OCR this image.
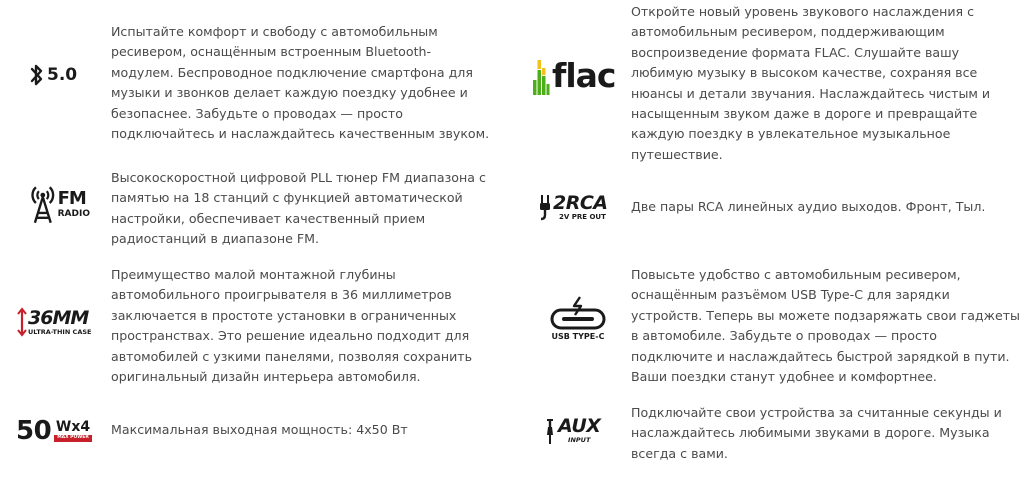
5.0
Испытайте комфорт и свободу с автомобильным
ресивером, оснащённым встроенным Bluetooth-
модулем. Беспроводное подключение смартфона для
музыки и звонков делает каждую поездку удобнее и
безопаснее. Забудьте о проводах — просто
подключайтесь и наслаждайтесь качественным звуком.
flac
Откройте новый уровень звукового наслаждения с
автомобильным ресивером, поддерживающим
воспроизведение формата FLAC. Слушайте вашу
любимую музыку в высоком качестве, сохраняя все
нюансы и детали звучания. Наслаждайтесь чистым и
насыщенным звуком даже в дороге и превращайте
каждую поездку в увлекательное музыкальное
путешествие.
FM
RADIO
Высокоскоростной цифровой PLL тюнер FM диапазона с
памятью на 18 станций с функцией автоматической
настройки, обеспечивает качественный прием
радиостанций в диапазоне FM.
2RCA
2V PRE OUT
Две пары RCA линейных аудио выходов. Фронт, Тыл.
36MM
ULTRA-THIN CASE
Преимущество малой монтажной глубины
автомобильного проигрывателя в 36 миллиметров
заключается в простоте установки в ограниченных
пространствах. Это решение идеально подходит для
автомобилей с узкими панелями, позволяя сохранить
оригинальный дизайн интерьера автомобиля.
USB TYPE-C
Повысьте удобство с автомобильным ресивером,
оснащённым разъёмом USB Type-C для зарядки
устройств. Теперь вы можете подзаряжать свои гаджеты
в автомобиле. Забудьте о проводах — просто
подключите и наслаждайтесь быстрой зарядкой в пути.
Ваши поездки станут удобнее и комфортнее.
50 Wx4
MAX POWER
Максимальная выходная мощность: 4x50 Вт	AUX
INPUT
Подключайте свои устройства за считанные секунды и
наслаждайтесь любимыми звуками в дороге. Музыка
всегда с вами.
